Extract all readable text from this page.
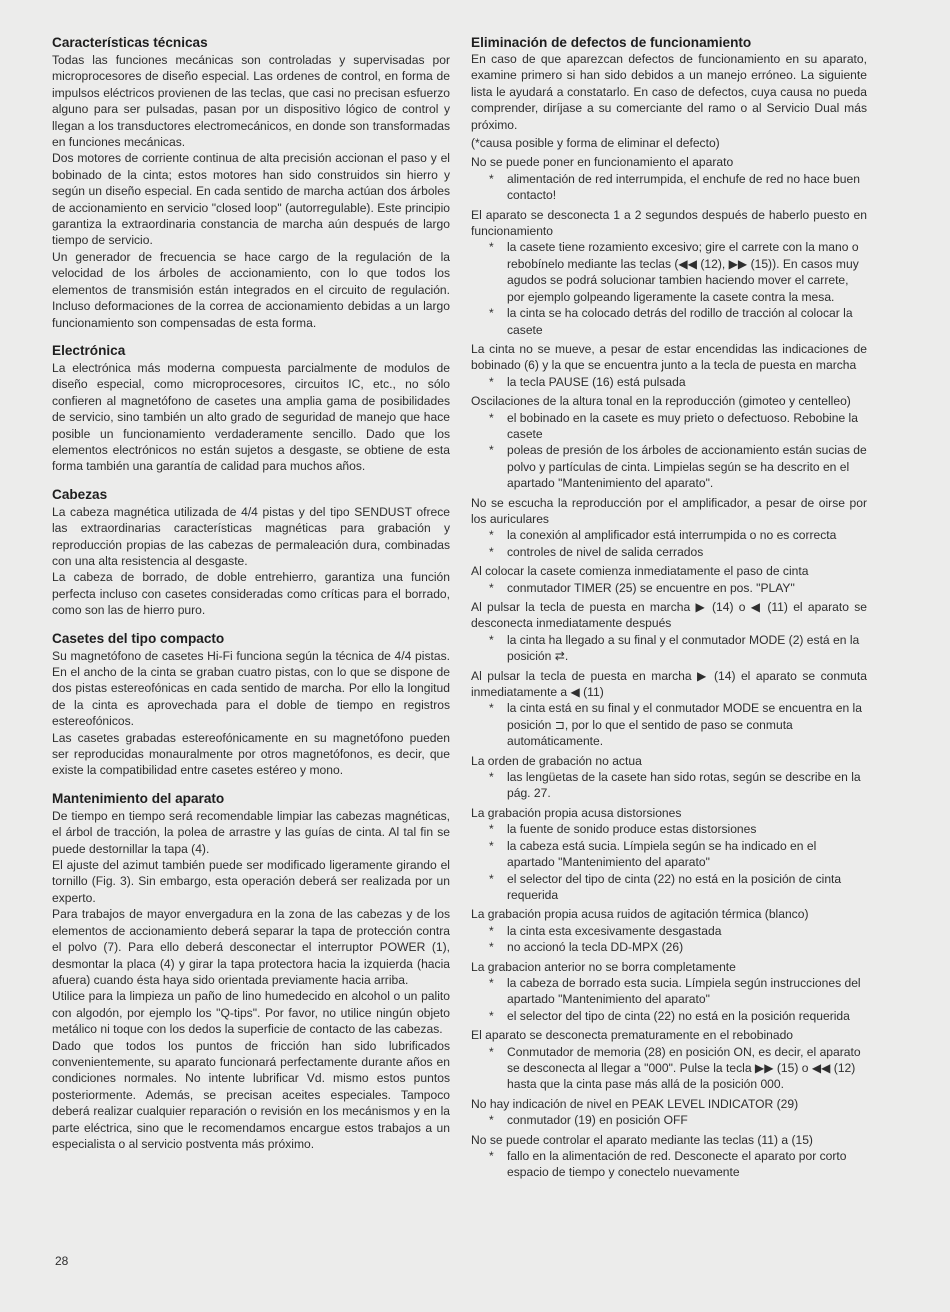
Características técnicas

Todas las funciones mecánicas son controladas y supervisadas por microprocesores de diseño especial. Las ordenes de control, en forma de impulsos eléctricos provienen de las teclas, que casi no precisan esfuerzo alguno para ser pulsadas, pasan por un dispositivo lógico de control y llegan a los transductores electromecánicos, en donde son transformadas en funciones mecánicas.

Dos motores de corriente continua de alta precisión accionan el paso y el bobinado de la cinta; estos motores han sido construidos sin hierro y según un diseño especial. En cada sentido de marcha actúan dos árboles de accionamiento en servicio "closed loop" (autorregulable). Este principio garantiza la extraordinaria constancia de marcha aún después de largo tiempo de servicio.

Un generador de frecuencia se hace cargo de la regulación de la velocidad de los árboles de accionamiento, con lo que todos los elementos de transmisión están integrados en el circuito de regulación. Incluso deformaciones de la correa de accionamiento debidas a un largo funcionamiento son compensadas de esta forma.

Electrónica

La electrónica más moderna compuesta parcialmente de modulos de diseño especial, como microprocesores, circuitos IC, etc., no sólo confieren al magnetófono de casetes una amplia gama de posibilidades de servicio, sino también un alto grado de seguridad de manejo que hace posible un funcionamiento verdaderamente sencillo. Dado que los elementos electrónicos no están sujetos a desgaste, se obtiene de esta forma también una garantía de calidad para muchos años.

Cabezas

La cabeza magnética utilizada de 4/4 pistas y del tipo SENDUST ofrece las extraordinarias características magnéticas para grabación y reproducción propias de las cabezas de permaleación dura, combinadas con una alta resistencia al desgaste.

La cabeza de borrado, de doble entrehierro, garantiza una función perfecta incluso con casetes consideradas como críticas para el borrado, como son las de hierro puro.

Casetes del tipo compacto

Su magnetófono de casetes Hi-Fi funciona según la técnica de 4/4 pistas. En el ancho de la cinta se graban cuatro pistas, con lo que se dispone de dos pistas estereofónicas en cada sentido de marcha. Por ello la longitud de la cinta es aprovechada para el doble de tiempo en registros estereofónicos.

Las casetes grabadas estereofónicamente en su magnetófono pueden ser reproducidas monauralmente por otros magnetófonos, es decir, que existe la compatibilidad entre casetes estéreo y mono.

Mantenimiento del aparato

De tiempo en tiempo será recomendable limpiar las cabezas magnéticas, el árbol de tracción, la polea de arrastre y las guías de cinta. Al tal fin se puede destornillar la tapa (4).

El ajuste del azimut también puede ser modificado ligeramente girando el tornillo (Fig. 3). Sin embargo, esta operación deberá ser realizada por un experto.

Para trabajos de mayor envergadura en la zona de las cabezas y de los elementos de accionamiento deberá separar la tapa de protección contra el polvo (7). Para ello deberá desconectar el interruptor POWER (1), desmontar la placa (4) y girar la tapa protectora hacia la izquierda (hacia afuera) cuando ésta haya sido orientada previamente hacia arriba.

Utilice para la limpieza un paño de lino humedecido en alcohol o un palito con algodón, por ejemplo los "Q-tips". Por favor, no utilice ningún objeto metálico ni toque con los dedos la superficie de contacto de las cabezas.

Dado que todos los puntos de fricción han sido lubrificados convenientemente, su aparato funcionará perfectamente durante años en condiciones normales. No intente lubrificar Vd. mismo estos puntos posteriormente. Además, se precisan aceites especiales. Tampoco deberá realizar cualquier reparación o revisión en los mecánismos y en la parte eléctrica, sino que le recomendamos encargue estos trabajos a un especialista o al servicio postventa más próximo.

Eliminación de defectos de funcionamiento

En caso de que aparezcan defectos de funcionamiento en su aparato, examine primero si han sido debidos a un manejo erróneo. La siguiente lista le ayudará a constatarlo. En caso de defectos, cuya causa no pueda comprender, diríjase a su comerciante del ramo o al Servicio Dual más próximo.

(*causa posible y forma de eliminar el defecto)

No se puede poner en funcionamiento el aparato

* alimentación de red interrumpida, el enchufe de red no hace buen contacto!

El aparato se desconecta 1 a 2 segundos después de haberlo puesto en funcionamiento

* la casete tiene rozamiento excesivo; gire el carrete con la mano o rebobínelo mediante las teclas (◀◀ (12), ▶▶ (15)). En casos muy agudos se podrá solucionar tambien haciendo mover el carrete, por ejemplo golpeando ligeramente la casete contra la mesa.
* la cinta se ha colocado detrás del rodillo de tracción al colocar la casete

La cinta no se mueve, a pesar de estar encendidas las indicaciones de bobinado (6) y la que se encuentra junto a la tecla de puesta en marcha

* la tecla PAUSE (16) está pulsada

Oscilaciones de la altura tonal en la reproducción (gimoteo y centelleo)

* el bobinado en la casete es muy prieto o defectuoso. Rebobine la casete
* poleas de presión de los árboles de accionamiento están sucias de polvo y partículas de cinta. Limpielas según se ha descrito en el apartado "Mantenimiento del aparato".

No se escucha la reproducción por el amplificador, a pesar de oirse por los auriculares

* la conexión al amplificador está interrumpida o no es correcta
* controles de nivel de salida cerrados

Al colocar la casete comienza inmediatamente el paso de cinta

* conmutador TIMER (25) se encuentre en pos. "PLAY"

Al pulsar la tecla de puesta en marcha ▶ (14) o ◀ (11) el aparato se desconecta inmediatamente después

* la cinta ha llegado a su final y el conmutador MODE (2) está en la posición ⇄.

Al pulsar la tecla de puesta en marcha ▶ (14) el aparato se conmuta inmediatamente a ◀ (11)

* la cinta está en su final y el conmutador MODE se encuentra en la posición ⊐, por lo que el sentido de paso se conmuta automáticamente.

La orden de grabación no actua

* las lengüetas de la casete han sido rotas, según se describe en la pág. 27.

La grabación propia acusa distorsiones

* la fuente de sonido produce estas distorsiones
* la cabeza está sucia. Límpiela según se ha indicado en el apartado "Mantenimiento del aparato"
* el selector del tipo de cinta (22) no está en la posición de cinta requerida

La grabación propia acusa ruidos de agitación térmica (blanco)

* la cinta esta excesivamente desgastada
* no accionó la tecla DD-MPX (26)

La grabacion anterior no se borra completamente

* la cabeza de borrado esta sucia. Límpiela según instrucciones del apartado "Mantenimiento del aparato"
* el selector del tipo de cinta (22) no está en la posición requerida

El aparato se desconecta prematuramente en el rebobinado

* Conmutador de memoria (28) en posición ON, es decir, el aparato se desconecta al llegar a "000". Pulse la tecla ▶▶ (15) o ◀◀ (12) hasta que la cinta pase más allá de la posición 000.

No hay indicación de nivel en PEAK LEVEL INDICATOR (29)

* conmutador (19) en posición OFF

No se puede controlar el aparato mediante las teclas (11) a (15)

* fallo en la alimentación de red. Desconecte el aparato por corto espacio de tiempo y conectelo nuevamente
28
